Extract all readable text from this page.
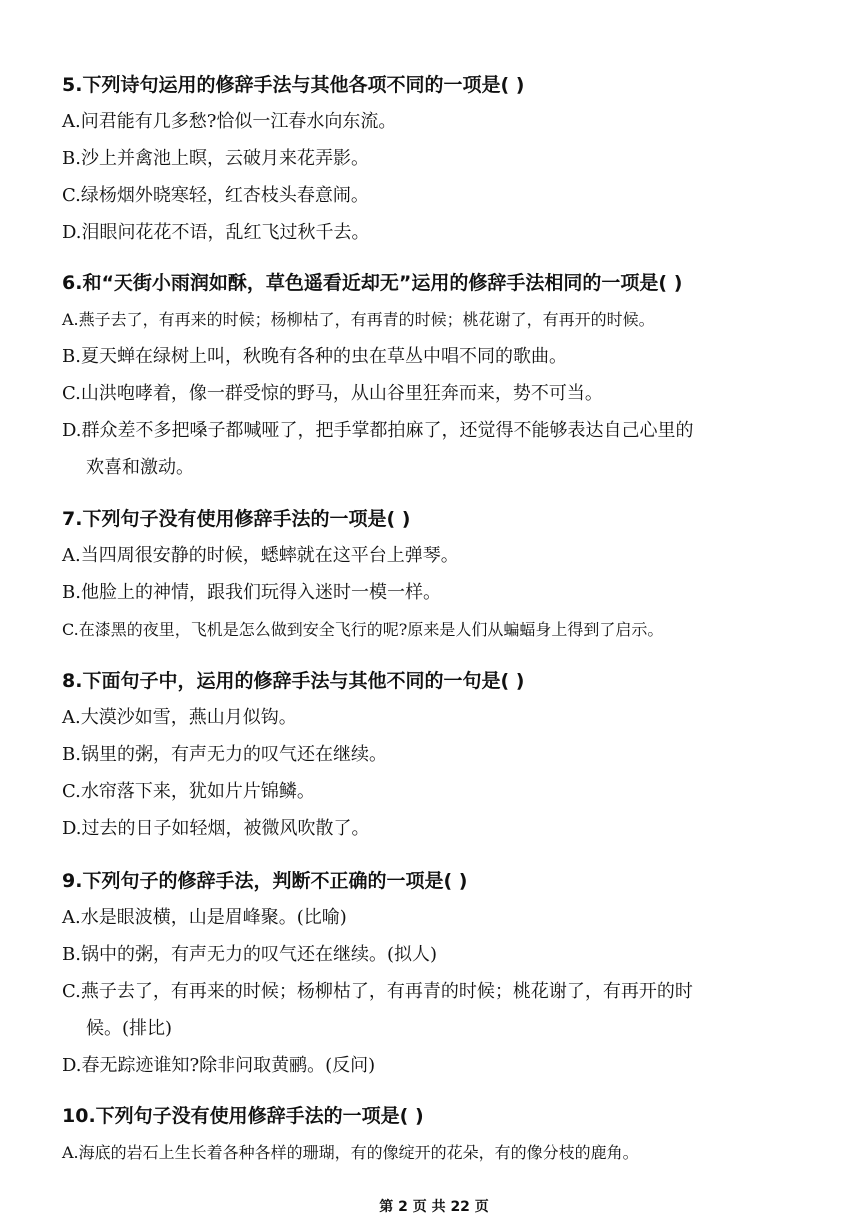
5.下列诗句运用的修辞手法与其他各项不同的一项是( )
A.问君能有几多愁?恰似一江春水向东流。
B.沙上并禽池上暝，云破月来花弄影。
C.绿杨烟外晓寒轻，红杏枝头春意闹。
D.泪眼问花花不语，乱红飞过秋千去。
6.和“天街小雨润如酥，草色遥看近却无”运用的修辞手法相同的一项是( )
A.燕子去了，有再来的时候；杨柳枯了，有再青的时候；桃花谢了，有再开的时候。
B.夏天蝉在绿树上叫，秋晚有各种的虫在草丛中唱不同的歌曲。
C.山洪咆哮着，像一群受惊的野马，从山谷里狂奔而来，势不可当。
D.群众差不多把嗓子都喊哑了，把手掌都拍麻了，还觉得不能够表达自己心里的
欢喜和激动。
7.下列句子没有使用修辞手法的一项是( )
A.当四周很安静的时候，蟋蟀就在这平台上弹琴。
B.他脸上的神情，跟我们玩得入迷时一模一样。
C.在漆黑的夜里，飞机是怎么做到安全飞行的呢?原来是人们从蝙蝠身上得到了启示。
8.下面句子中，运用的修辞手法与其他不同的一句是( )
A.大漠沙如雪，燕山月似钩。
B.锅里的粥，有声无力的叹气还在继续。
C.水帘落下来，犹如片片锦鳞。
D.过去的日子如轻烟，被微风吹散了。
9.下列句子的修辞手法，判断不正确的一项是( )
A.水是眼波横，山是眉峰聚。(比喻)
B.锅中的粥，有声无力的叹气还在继续。(拟人)
C.燕子去了，有再来的时候；杨柳枯了，有再青的时候；桃花谢了，有再开的时
候。(排比)
D.春无踪迹谁知?除非问取黄鹂。(反问)
10.下列句子没有使用修辞手法的一项是( )
A.海底的岩石上生长着各种各样的珊瑚，有的像绽开的花朵，有的像分枝的鹿角。
第 2 页 共 22 页
